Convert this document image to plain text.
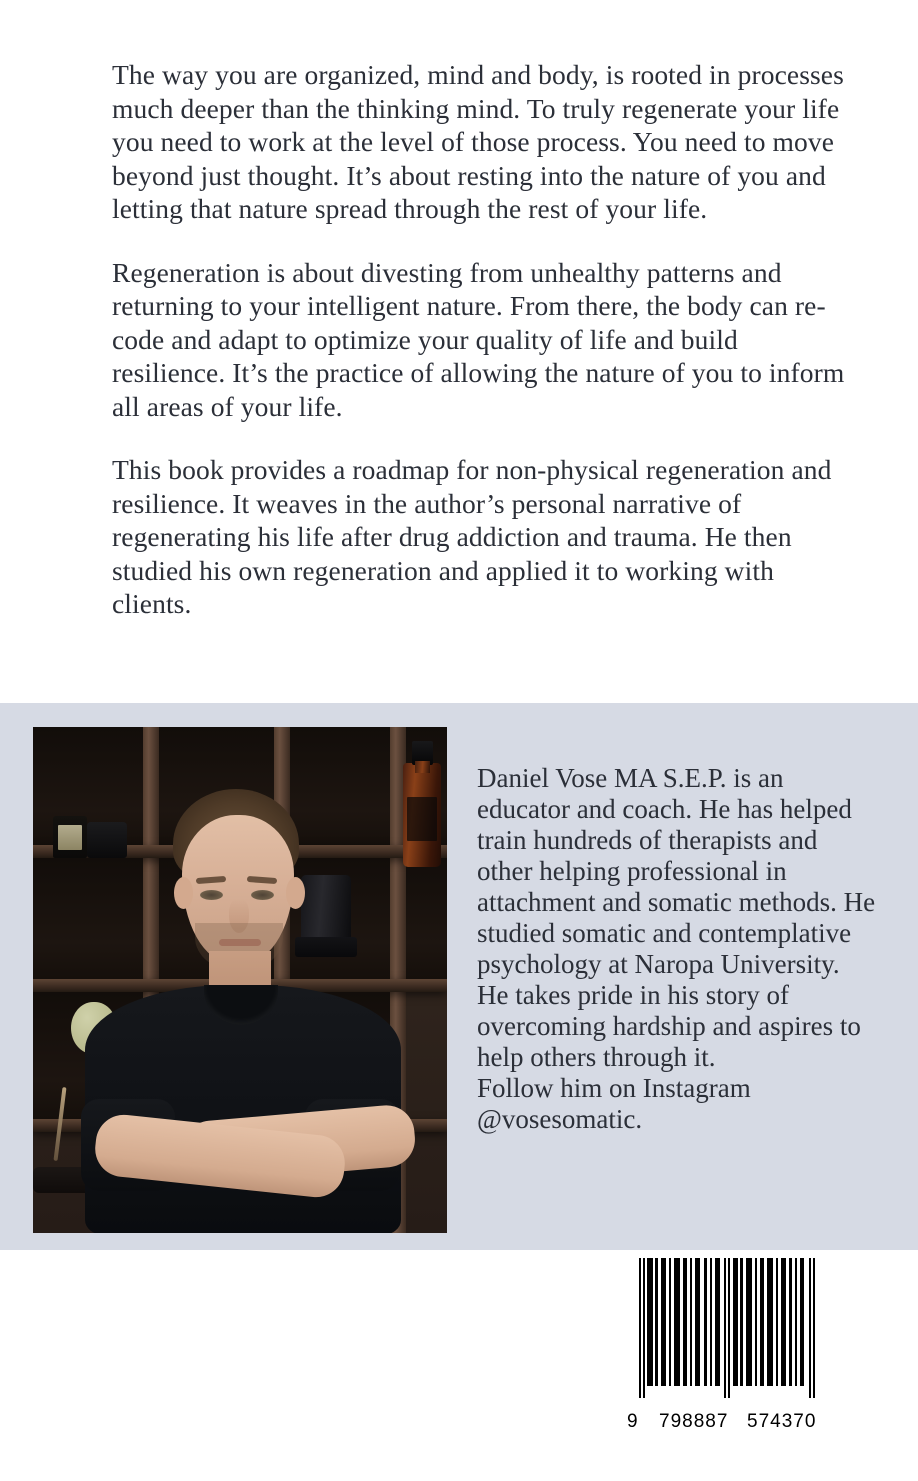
The way you are organized, mind and body, is rooted in processes much deeper than the thinking mind. To truly regenerate your life you need to work at the level of those process. You need to move beyond just thought. It’s about resting into the nature of you and letting that nature spread through the rest of your life.

Regeneration is about divesting from unhealthy patterns and returning to your intelligent nature. From there, the body can re-code and adapt to optimize your quality of life and build resilience. It’s the practice of allowing the nature of you to inform all areas of your life.

This book provides a roadmap for non-physical regeneration and resilience. It weaves in the author’s personal narrative of regenerating his life after drug addiction and trauma. He then studied his own regeneration and applied it to working with clients.

Daniel Vose MA S.E.P. is an educator and coach. He has helped train hundreds of therapists and other helping professional in attachment and somatic methods. He studied somatic and contemplative psychology at Naropa University. He takes pride in his story of overcoming hardship and aspires to help others through it.

Follow him on Instagram @vosesomatic.

9 798887 574370
